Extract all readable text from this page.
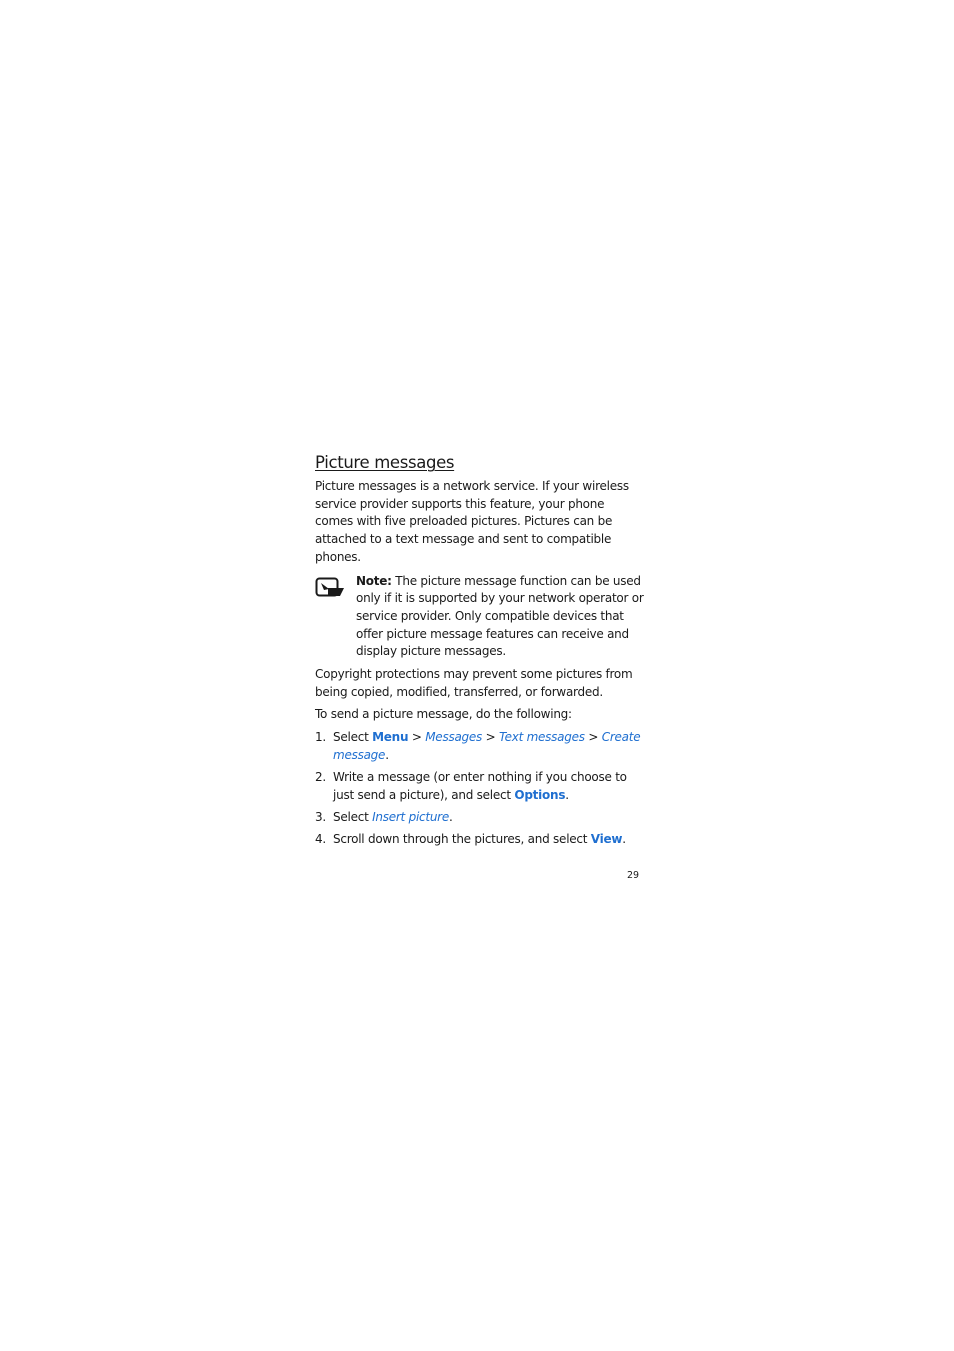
Picture messages

Picture messages is a network service. If your wireless service provider supports this feature, your phone comes with five preloaded pictures. Pictures can be attached to a text message and sent to compatible phones.

Note: The picture message function can be used only if it is supported by your network operator or service provider. Only compatible devices that offer picture message features can receive and display picture messages.

Copyright protections may prevent some pictures from being copied, modified, transferred, or forwarded.

To send a picture message, do the following:

1. Select Menu > Messages > Text messages > Create message.
2. Write a message (or enter nothing if you choose to just send a picture), and select Options.
3. Select Insert picture.
4. Scroll down through the pictures, and select View.
29
